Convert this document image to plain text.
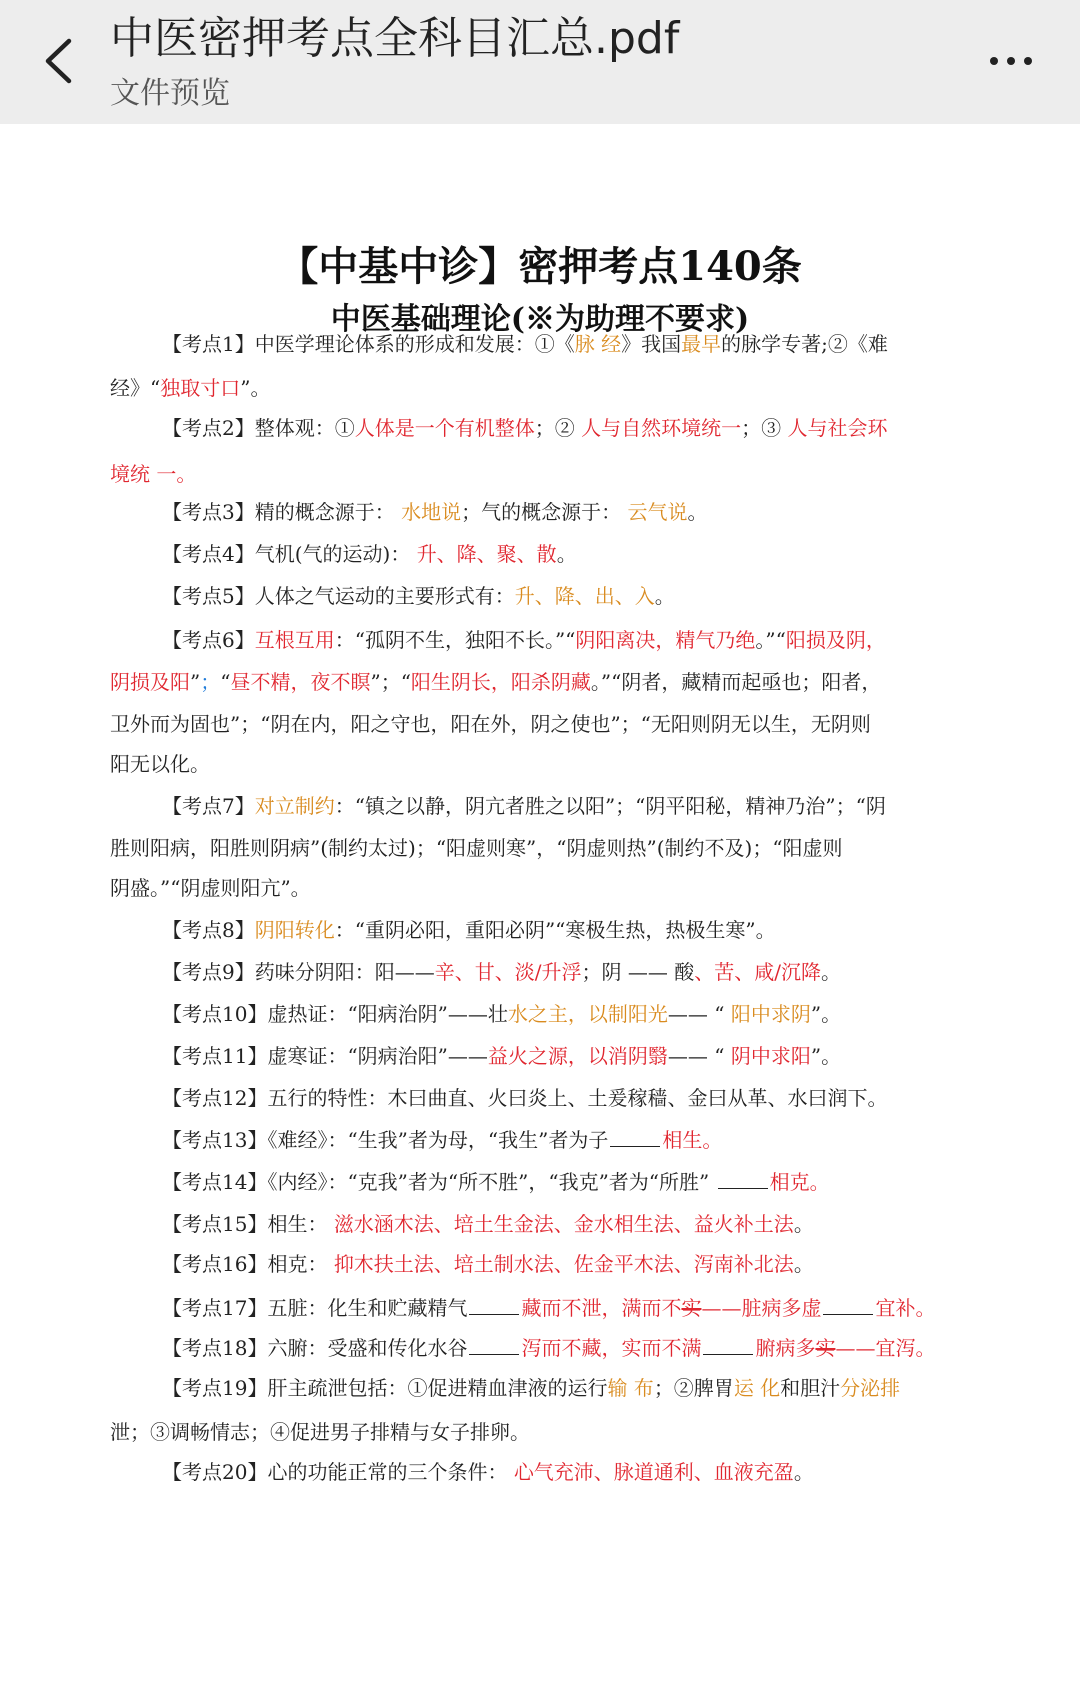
中医密押考点全科目汇总.pdf
文件预览
【中基中诊】密押考点140条
中医基础理论(※为助理不要求)
【考点1】中医学理论体系的形成和发展：①《脉 经》我国最早的脉学专著;②《难
经》“独取寸口”。
【考点2】整体观：①人体是一个有机整体；② 人与自然环境统一；③ 人与社会环
境统 一。
【考点3】精的概念源于： 水地说；气的概念源于： 云气说。
【考点4】气机(气的运动)： 升、降、聚、散。
【考点5】人体之气运动的主要形式有：升、降、出、入。
【考点6】互根互用：“孤阴不生，独阳不长。”“阴阳离决，精气乃绝。”“阳损及阴，
阴损及阳”；“昼不精，夜不瞑”；“阳生阴长，阳杀阴藏。”“阴者，藏精而起亟也；阳者，
卫外而为固也”；“阴在内，阳之守也，阳在外，阴之使也”；“无阳则阴无以生，无阴则
阳无以化。
【考点7】对立制约：“镇之以静，阴亢者胜之以阳”；“阴平阳秘，精神乃治”；“阴
胜则阳病，阳胜则阴病”(制约太过)；“阳虚则寒”，“阴虚则热”(制约不及)；“阳虚则
阴盛。”“阴虚则阳亢”。
【考点8】阴阳转化：“重阴必阳，重阳必阴”“寒极生热，热极生寒”。
【考点9】药味分阴阳：阳——辛、甘、淡/升浮；阴 —— 酸、苦、咸/沉降。
【考点10】虚热证：“阳病治阴”——壮水之主，以制阳光—— “ 阳中求阴”。
【考点11】虚寒证：“阴病治阳”——益火之源，以消阴翳—— “ 阴中求阳”。
【考点12】五行的特性：木曰曲直、火曰炎上、土爰稼穑、金曰从革、水曰润下。
【考点13】《难经》：“生我”者为母，“我生”者为子	相生。
【考点14】《内经》：“克我”者为“所不胜”，“我克”者为“所胜”	相克。
【考点15】相生： 滋水涵木法、培土生金法、金水相生法、益火补土法。
【考点16】相克： 抑木扶土法、培土制水法、佐金平木法、泻南补北法。
【考点17】五脏：化生和贮藏精气	藏而不泄，满而不实——脏病多虚	宜补。
【考点18】六腑：受盛和传化水谷	泻而不藏，实而不满	腑病多实——宜泻。
【考点19】肝主疏泄包括：①促进精血津液的运行输 布；②脾胃运 化和胆汁分泌排
泄；③调畅情志；④促进男子排精与女子排卵。
【考点20】心的功能正常的三个条件： 心气充沛、脉道通利、血液充盈。
